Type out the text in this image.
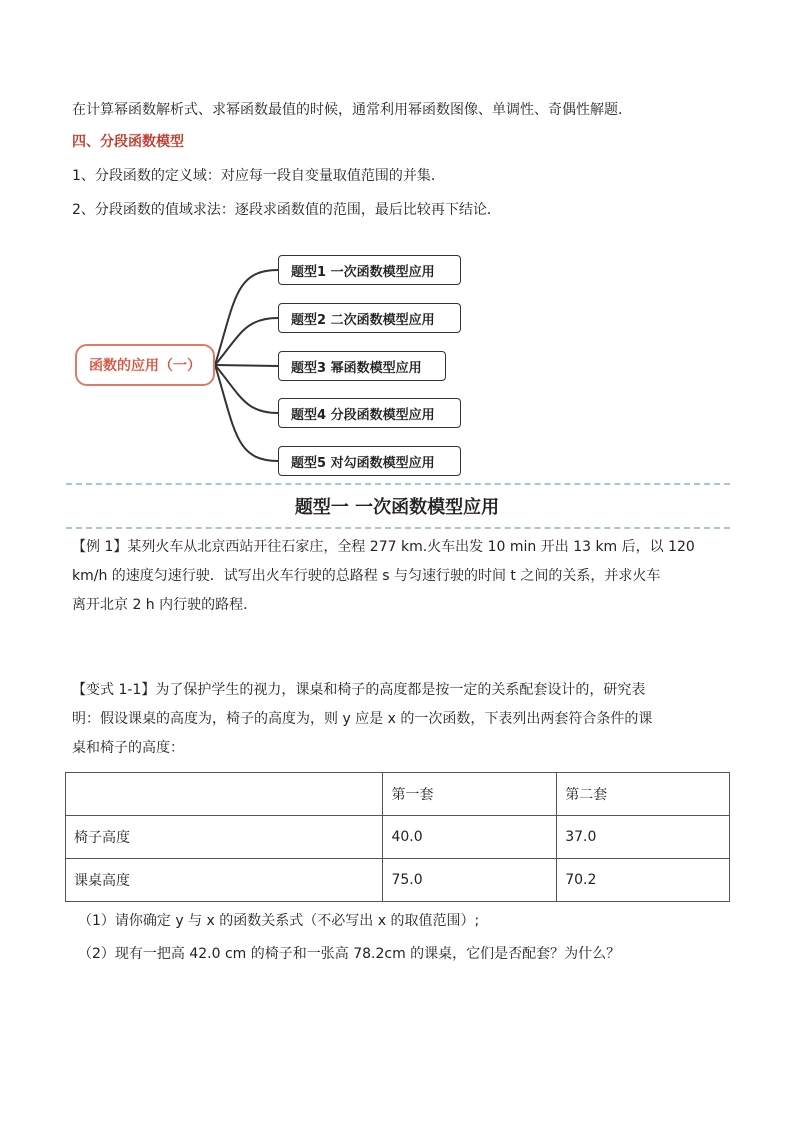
在计算幂函数解析式、求幂函数最值的时候，通常利用幂函数图像、单调性、奇偶性解题.
四、分段函数模型
1、分段函数的定义域：对应每一段自变量取值范围的并集．
2、分段函数的值域求法：逐段求函数值的范围，最后比较再下结论．
函数的应用（一）
题型1 一次函数模型应用
题型2 二次函数模型应用
题型3 幂函数模型应用
题型4 分段函数模型应用
题型5 对勾函数模型应用
题型一 一次函数模型应用
【例 1】某列火车从北京西站开往石家庄，全程 277 km.火车出发 10 min 开出 13 km 后，以 120
km/h 的速度匀速行驶．试写出火车行驶的总路程 s 与匀速行驶的时间 t 之间的关系，并求火车
离开北京 2 h 内行驶的路程．
【变式 1-1】为了保护学生的视力，课桌和椅子的高度都是按一定的关系配套设计的，研究表
明：假设课桌的高度为，椅子的高度为，则 y 应是 x 的一次函数，下表列出两套符合条件的课
桌和椅子的高度：
	第一套	第二套
椅子高度	40.0	37.0
课桌高度	75.0	70.2
（1）请你确定 y 与 x 的函数关系式（不必写出 x 的取值范围）;
（2）现有一把高 42.0 cm 的椅子和一张高 78.2cm 的课桌，它们是否配套？为什么？
